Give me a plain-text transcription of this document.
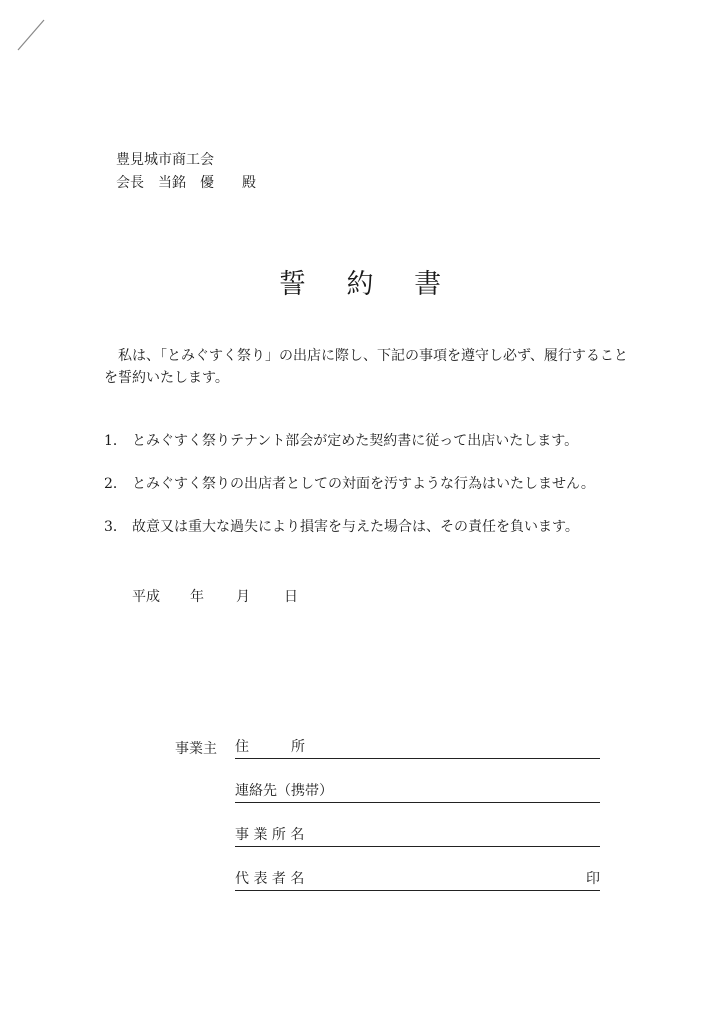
豊見城市商工会
会長　当銘　優　　殿
誓 約 書
　私は、「とみぐすく祭り」の出店に際し、下記の事項を遵守し必ず、履行することを誓約いたします。
1． とみぐすく祭りテナント部会が定めた契約書に従って出店いたします。
2． とみぐすく祭りの出店者としての対面を汚すような行為はいたしません。
3． 故意又は重大な過失により損害を与えた場合は、その責任を負います。
平成 年 月 日
事業主 住　　　所
連絡先（携帯）
事 業 所 名
代 表 者 名	印
